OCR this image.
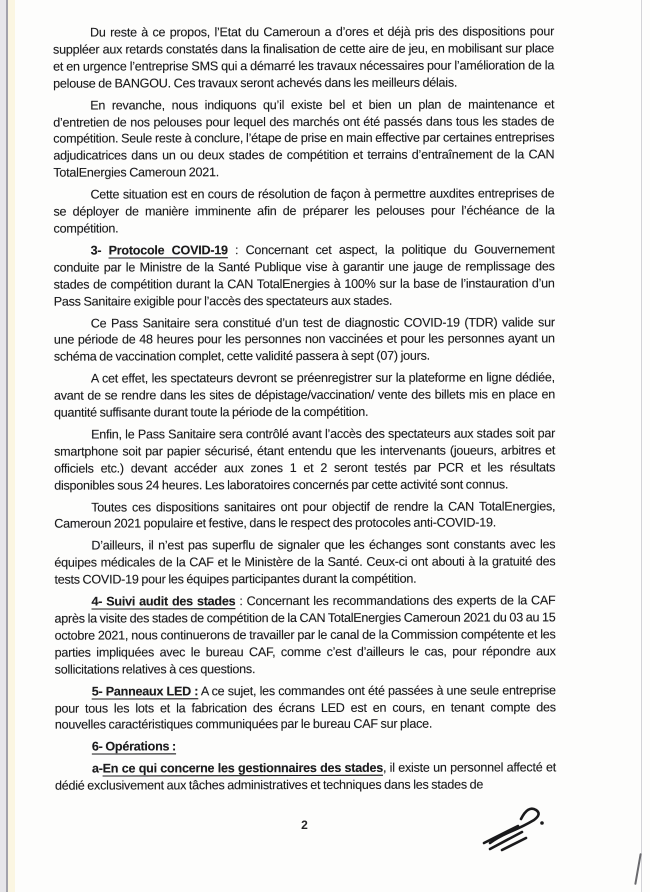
Du reste à ce propos, l’Etat du Cameroun a d’ores et déjà pris des dispositions pour suppléer aux retards constatés dans la finalisation de cette aire de jeu, en mobilisant sur place et en urgence l’entreprise SMS qui a démarré les travaux nécessaires pour l’amélioration de la pelouse de BANGOU. Ces travaux seront achevés dans les meilleurs délais.

En revanche, nous indiquons qu’il existe bel et bien un plan de maintenance et d’entretien de nos pelouses pour lequel des marchés ont été passés dans tous les stades de compétition. Seule reste à conclure, l’étape de prise en main effective par certaines entreprises adjudicatrices dans un ou deux stades de compétition et terrains d’entraînement de la CAN TotalEnergies Cameroun 2021.

Cette situation est en cours de résolution de façon à permettre auxdites entreprises de se déployer de manière imminente afin de préparer les pelouses pour l’échéance de la compétition.

3- Protocole COVID-19 : Concernant cet aspect, la politique du Gouvernement conduite par le Ministre de la Santé Publique vise à garantir une jauge de remplissage des stades de compétition durant la CAN TotalEnergies à 100% sur la base de l’instauration d’un Pass Sanitaire exigible pour l’accès des spectateurs aux stades.

Ce Pass Sanitaire sera constitué d’un test de diagnostic COVID-19 (TDR) valide sur une période de 48 heures pour les personnes non vaccinées et pour les personnes ayant un schéma de vaccination complet, cette validité passera à sept (07) jours.

A cet effet, les spectateurs devront se préenregistrer sur la plateforme en ligne dédiée, avant de se rendre dans les sites de dépistage/vaccination/ vente des billets mis en place en quantité suffisante durant toute la période de la compétition.

Enfin, le Pass Sanitaire sera contrôlé avant l’accès des spectateurs aux stades soit par smartphone soit par papier sécurisé, étant entendu que les intervenants (joueurs, arbitres et officiels etc.) devant accéder aux zones 1 et 2 seront testés par PCR et les résultats disponibles sous 24 heures. Les laboratoires concernés par cette activité sont connus.

Toutes ces dispositions sanitaires ont pour objectif de rendre la CAN TotalEnergies, Cameroun 2021 populaire et festive, dans le respect des protocoles anti-COVID-19.

D’ailleurs, il n’est pas superflu de signaler que les échanges sont constants avec les équipes médicales de la CAF et le Ministère de la Santé. Ceux-ci ont abouti à la gratuité des tests COVID-19 pour les équipes participantes durant la compétition.

4- Suivi audit des stades : Concernant les recommandations des experts de la CAF après la visite des stades de compétition de la CAN TotalEnergies Cameroun 2021 du 03 au 15 octobre 2021, nous continuerons de travailler par le canal de la Commission compétente et les parties impliquées avec le bureau CAF, comme c’est d’ailleurs le cas, pour répondre aux sollicitations relatives à ces questions.

5- Panneaux LED : A ce sujet, les commandes ont été passées à une seule entreprise pour tous les lots et la fabrication des écrans LED est en cours, en tenant compte des nouvelles caractéristiques communiquées par le bureau CAF sur place.

6- Opérations :

a-En ce qui concerne les gestionnaires des stades, il existe un personnel affecté et dédié exclusivement aux tâches administratives et techniques dans les stades de

2
